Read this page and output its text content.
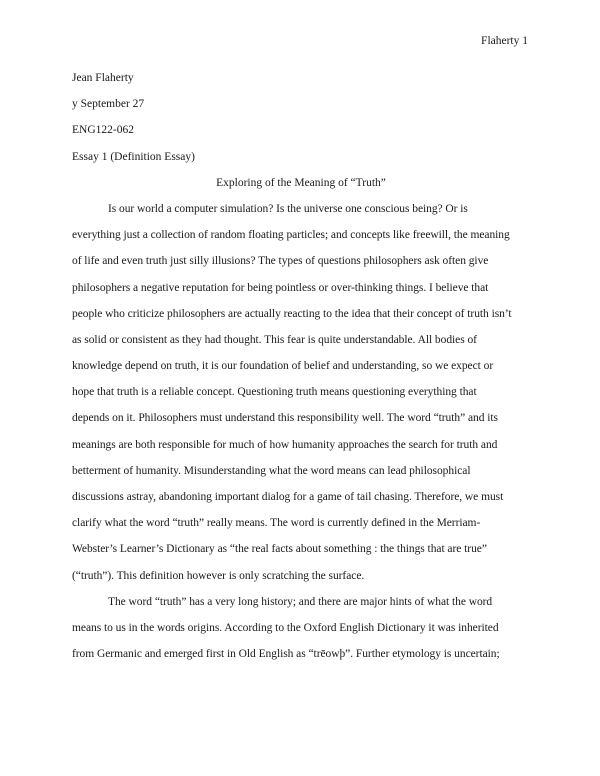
Flaherty 1
Jean Flaherty
y September 27
ENG122-062
Essay 1 (Definition Essay)
Exploring of the Meaning of “Truth”
Is our world a computer simulation? Is the universe one conscious being? Or is
everything just a collection of random floating particles; and concepts like freewill, the meaning
of life and even truth just silly illusions? The types of questions philosophers ask often give
philosophers a negative reputation for being pointless or over-thinking things. I believe that
people who criticize philosophers are actually reacting to the idea that their concept of truth isn’t
as solid or consistent as they had thought. This fear is quite understandable. All bodies of
knowledge depend on truth, it is our foundation of belief and understanding, so we expect or
hope that truth is a reliable concept. Questioning truth means questioning everything that
depends on it. Philosophers must understand this responsibility well. The word “truth” and its
meanings are both responsible for much of how humanity approaches the search for truth and
betterment of humanity. Misunderstanding what the word means can lead philosophical
discussions astray, abandoning important dialog for a game of tail chasing. Therefore, we must
clarify what the word “truth” really means. The word is currently defined in the Merriam-
Webster’s Learner’s Dictionary as “the real facts about something : the things that are true”
(“truth”). This definition however is only scratching the surface.
The word “truth” has a very long history; and there are major hints of what the word
means to us in the words origins. According to the Oxford English Dictionary it was inherited
from Germanic and emerged first in Old English as “trēowþ”. Further etymology is uncertain;
